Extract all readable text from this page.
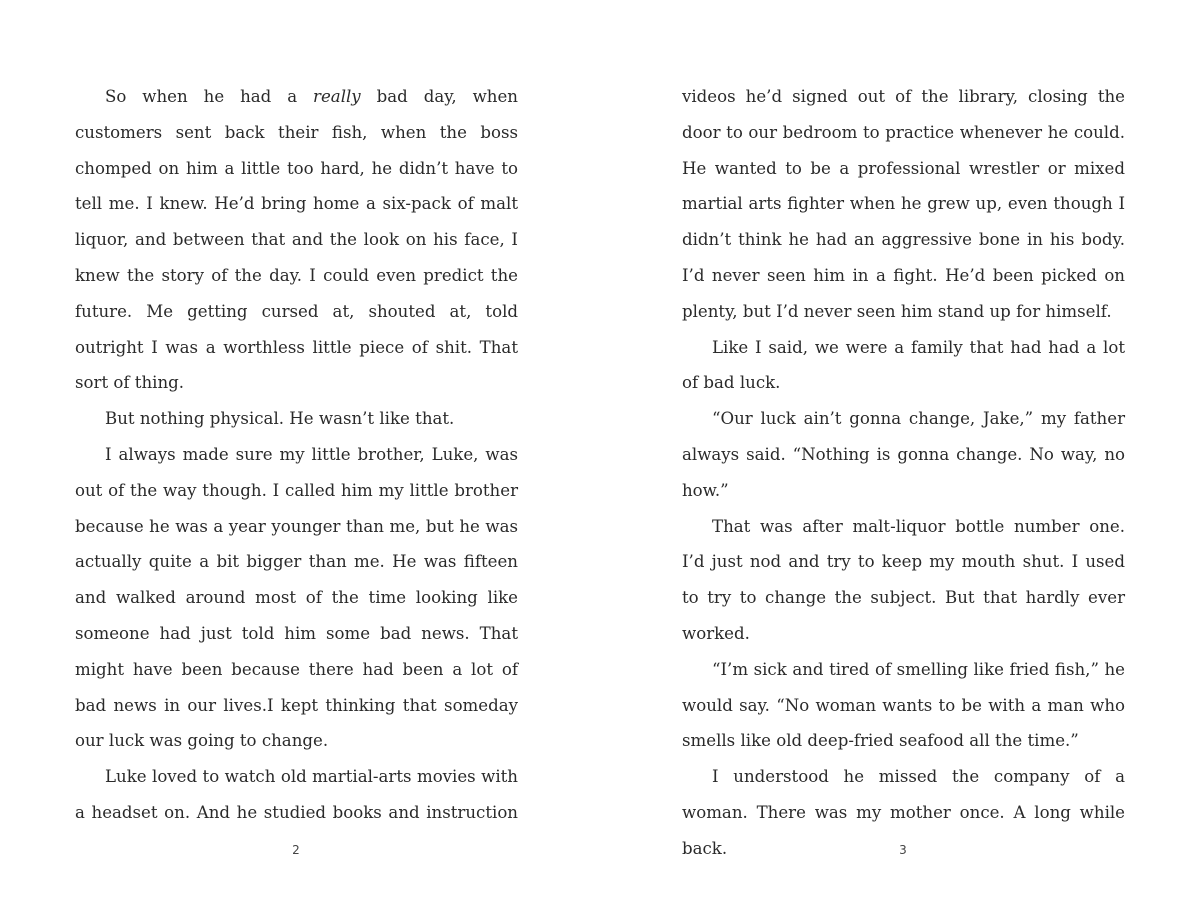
So when he had a really bad day, when customers sent back their fish, when the boss chomped on him a little too hard, he didn’t have to tell me. I knew. He’d bring home a six-pack of malt liquor, and between that and the look on his face, I knew the story of the day. I could even predict the future. Me getting cursed at, shouted at, told outright I was a worthless little piece of shit. That sort of thing.

But nothing physical. He wasn’t like that.

I always made sure my little brother, Luke, was out of the way though. I called him my little brother because he was a year younger than me, but he was actually quite a bit bigger than me. He was fifteen and walked around most of the time looking like someone had just told him some bad news. That might have been because there had been a lot of bad news in our lives.I kept thinking that someday our luck was going to change.

Luke loved to watch old martial-arts movies with a headset on. And he studied books and instruction

2

videos he’d signed out of the library, closing the door to our bedroom to practice whenever he could. He wanted to be a professional wrestler or mixed martial arts fighter when he grew up, even though I didn’t think he had an aggressive bone in his body. I’d never seen him in a fight. He’d been picked on plenty, but I’d never seen him stand up for himself.

Like I said, we were a family that had had a lot of bad luck.

“Our luck ain’t gonna change, Jake,” my father always said. “Nothing is gonna change. No way, no how.”

That was after malt-liquor bottle number one. I’d just nod and try to keep my mouth shut. I used to try to change the subject. But that hardly ever worked.

“I’m sick and tired of smelling like fried fish,” he would say. “No woman wants to be with a man who smells like old deep-fried seafood all the time.”

I understood he missed the company of a woman. There was my mother once. A long while back.	3
